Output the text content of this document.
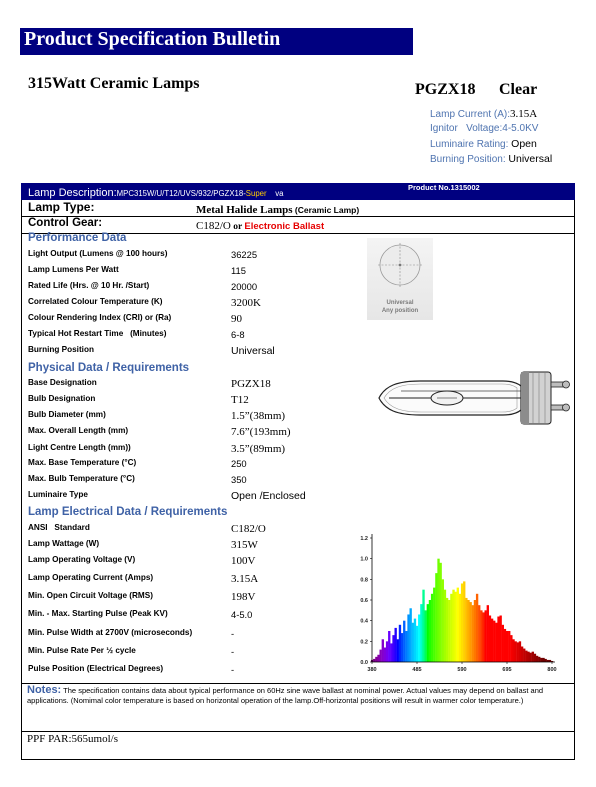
Product Specification Bulletin
315Watt Ceramic Lamps	PGZX18 Clear
Lamp Current (A):3.15A
Ignitor   Voltage:4-5.0KV
Luminaire Rating: Open
Burning Position: Universal
Lamp Description:MPC315W/U/T12/UVS/932/PGZX18-Super    va
Product No.1315002
Lamp Type:	Metal Halide Lamps (Ceramic Lamp)
Control Gear:	C182/O or Electronic Ballast
Performance Data
Light Output (Lumens @ 100 hours)	36225
Lamp Lumens Per Watt	115
Rated Life (Hrs. @ 10 Hr. /Start)	20000
Correlated Colour Temperature (K)	3200K
Colour Rendering Index (CRI) or (Ra)	90
Typical Hot Restart Time   (Minutes)	6-8
Burning Position	Universal
Physical Data / Requirements
Base Designation	PGZX18
Bulb Designation	T12
Bulb Diameter (mm)	1.5”(38mm)
Max. Overall Length (mm)	7.6”(193mm)
Light Centre Length (mm))	3.5”(89mm)
Max. Base Temperature (°C)	250
Max. Bulb Temperature (°C)	350
Luminaire Type	Open /Enclosed
Lamp Electrical Data / Requirements
ANSI   Standard	C182/O
Lamp Wattage (W)	315W
Lamp Operating Voltage (V)	100V
Lamp Operating Current (Amps)	3.15A
Min. Open Circuit Voltage (RMS)	198V
Min. - Max. Starting Pulse (Peak KV)	4-5.0
Min. Pulse Width at 2700V (microseconds)	-
Min. Pulse Rate Per ½ cycle	-
Pulse Position (Electrical Degrees)	-
Notes: The specification contains data about typical performance on 60Hz sine wave ballast at nominal power. Actual values may depend on ballast and applications. (Nomimal color temperature is based on horizontal operation of the lamp.Off-horizontal positions will result in warmer color temperature.)
PPF PAR:565umol/s
Universal
Any position
0.0
0.2
0.4
0.6
0.8
1.0
1.2
380	485	590	695	800
